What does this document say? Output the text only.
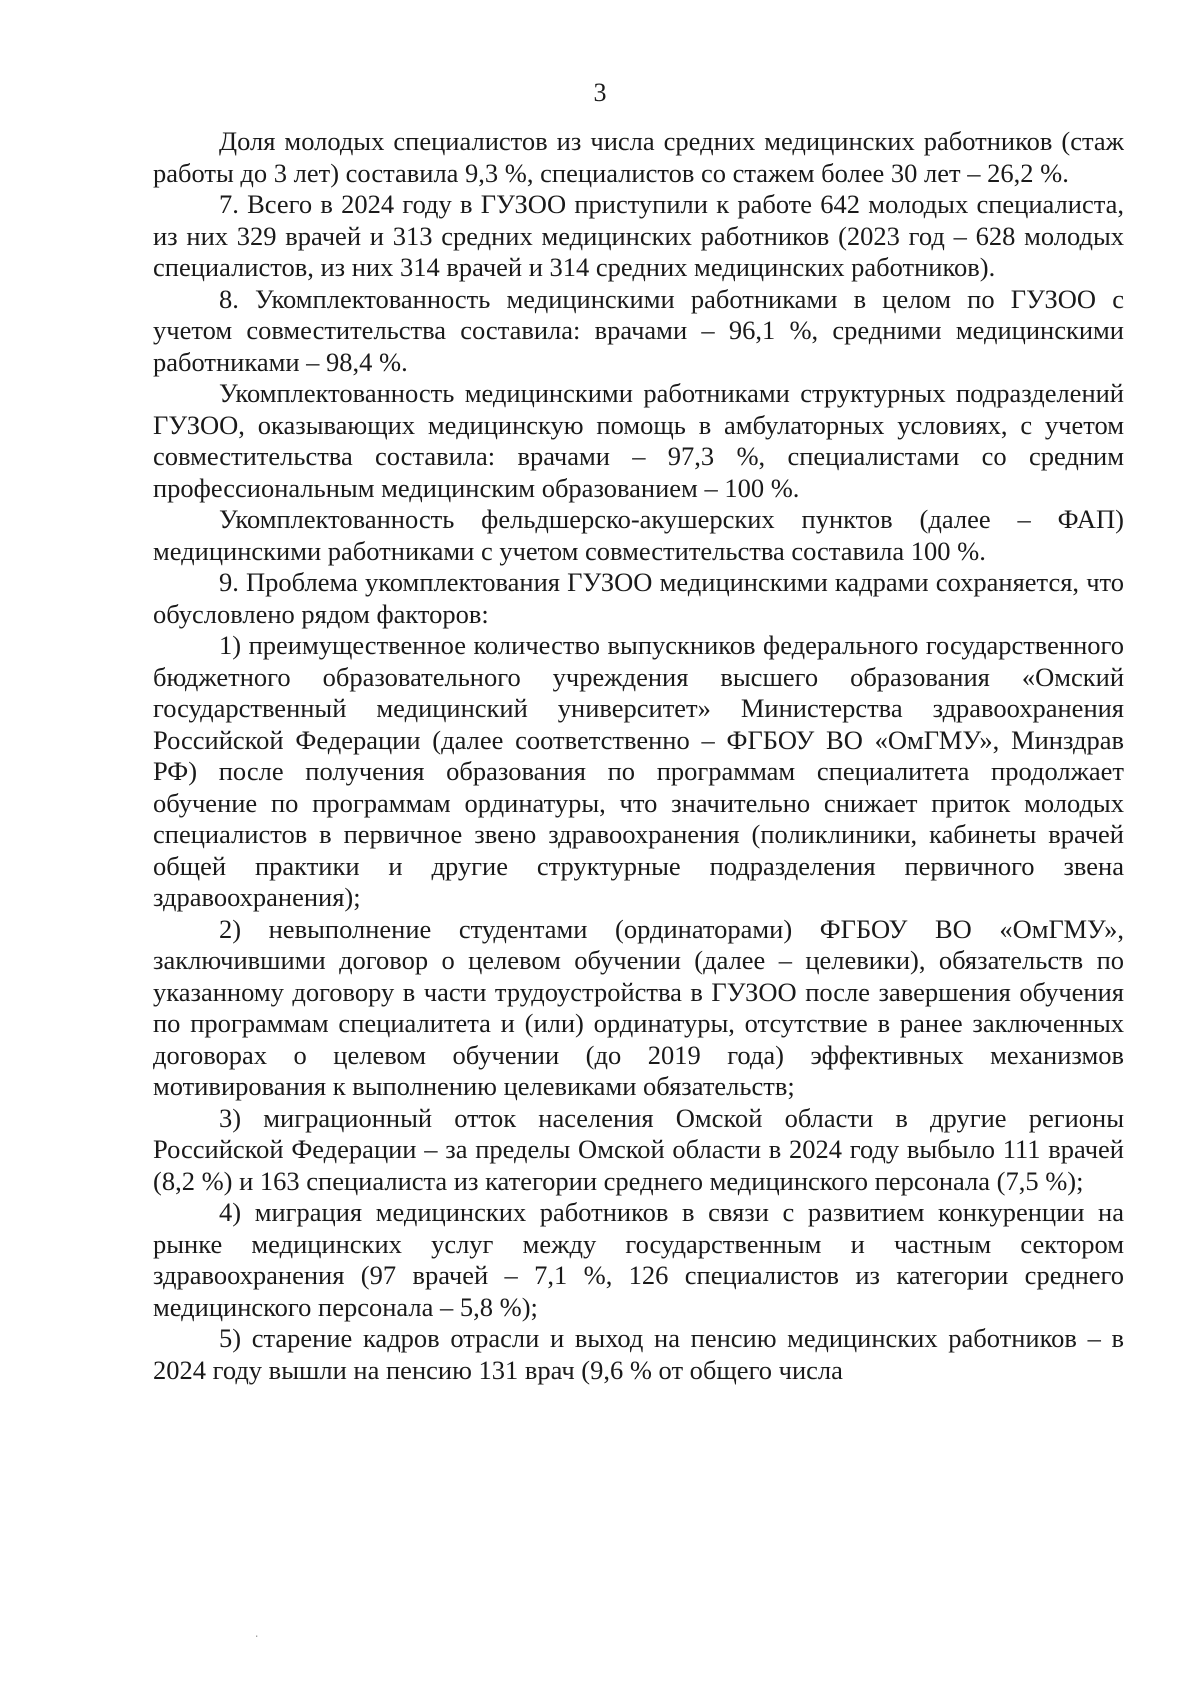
3

Доля молодых специалистов из числа средних медицинских работников (стаж работы до 3 лет) составила 9,3 %, специалистов со стажем более 30 лет – 26,2 %.

7. Всего в 2024 году в ГУЗОО приступили к работе 642 молодых специалиста, из них 329 врачей и 313 средних медицинских работников (2023 год – 628 молодых специалистов, из них 314 врачей и 314 средних медицинских работников).

8. Укомплектованность медицинскими работниками в целом по ГУЗОО с учетом совместительства составила: врачами – 96,1 %, средними медицинскими работниками – 98,4 %.

Укомплектованность медицинскими работниками структурных подразделений ГУЗОО, оказывающих медицинскую помощь в амбулаторных условиях, с учетом совместительства составила: врачами – 97,3 %, специалистами со средним профессиональным медицинским образованием – 100 %.

Укомплектованность фельдшерско-акушерских пунктов (далее – ФАП) медицинскими работниками с учетом совместительства составила 100 %.

9. Проблема укомплектования ГУЗОО медицинскими кадрами сохраняется, что обусловлено рядом факторов:

1) преимущественное количество выпускников федерального государственного бюджетного образовательного учреждения высшего образования «Омский государственный медицинский университет» Министерства здравоохранения Российской Федерации (далее соответственно – ФГБОУ ВО «ОмГМУ», Минздрав РФ) после получения образования по программам специалитета продолжает обучение по программам ординатуры, что значительно снижает приток молодых специалистов в первичное звено здравоохранения (поликлиники, кабинеты врачей общей практики и другие структурные подразделения первичного звена здравоохранения);

2) невыполнение студентами (ординаторами) ФГБОУ ВО «ОмГМУ», заключившими договор о целевом обучении (далее – целевики), обязательств по указанному договору в части трудоустройства в ГУЗОО после завершения обучения по программам специалитета и (или) ординатуры, отсутствие в ранее заключенных договорах о целевом обучении (до 2019 года) эффективных механизмов мотивирования к выполнению целевиками обязательств;

3) миграционный отток населения Омской области в другие регионы Российской Федерации – за пределы Омской области в 2024 году выбыло 111 врачей (8,2 %) и 163 специалиста из категории среднего медицинского персонала (7,5 %);

4) миграция медицинских работников в связи с развитием конкуренции на рынке медицинских услуг между государственным и частным сектором здравоохранения (97 врачей – 7,1 %, 126 специалистов из категории среднего медицинского персонала – 5,8 %);

5) старение кадров отрасли и выход на пенсию медицинских работников – в 2024 году вышли на пенсию 131 врач (9,6 % от общего числа

٠
